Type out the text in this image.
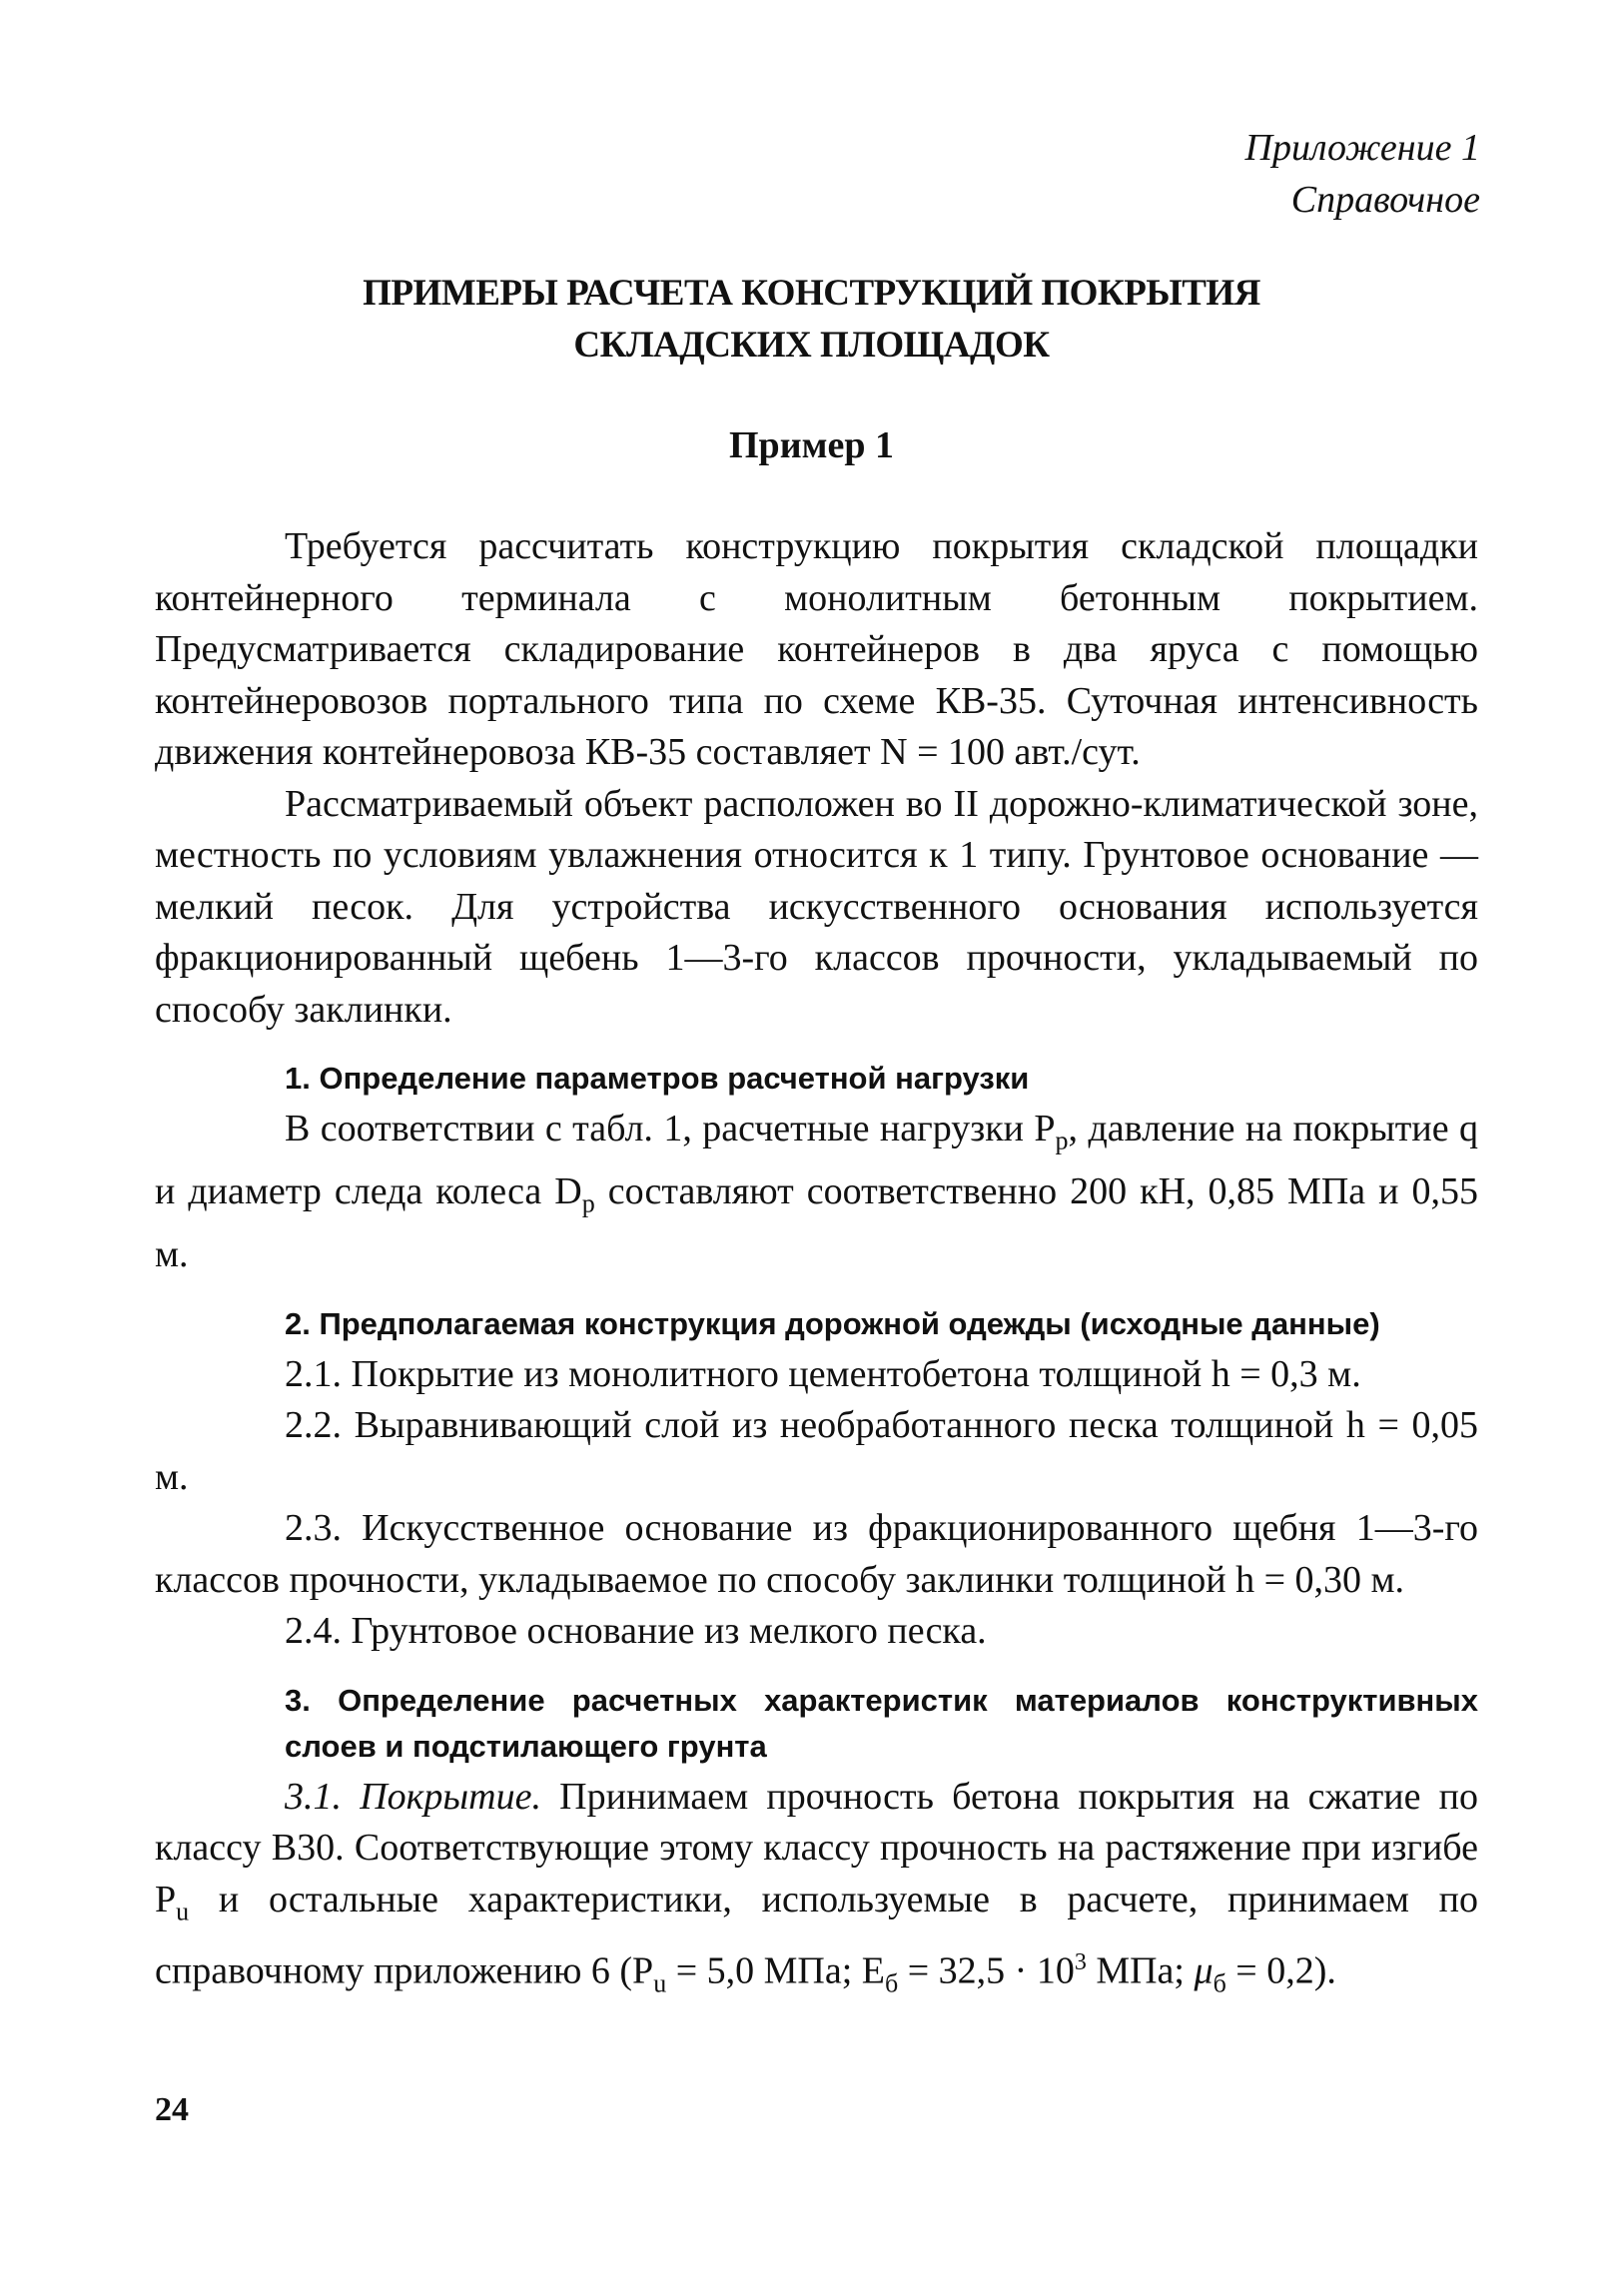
Приложение 1
Справочное
ПРИМЕРЫ РАСЧЕТА КОНСТРУКЦИЙ ПОКРЫТИЯ
СКЛАДСКИХ ПЛОЩАДОК
Пример 1

Требуется рассчитать конструкцию покрытия складской площадки контейнерного терминала с монолитным бетонным покрытием. Предусматривается складирование контейнеров в два яруса с помощью контейнеровозов портального типа по схеме КВ-35. Суточная интенсивность движения контейнеровоза КВ-35 составляет N = 100 авт./сут.

Рассматриваемый объект расположен во II дорожно-климатической зоне, местность по условиям увлажнения относится к 1 типу. Грунтовое основание — мелкий песок. Для устройства искусственного основания используется фракционированный щебень 1—3-го классов прочности, укладываемый по способу заклинки.

1. Определение параметров расчетной нагрузки

В соответствии с табл. 1, расчетные нагрузки $P_p$, давление на покрытие q и диаметр следа колеса $D_p$ составляют соответственно 200 кН, 0,85 МПа и 0,55 м.

2. Предполагаемая конструкция дорожной одежды (исходные данные)

2.1. Покрытие из монолитного цементобетона толщиной h = 0,3 м.

2.2. Выравнивающий слой из необработанного песка толщиной h = 0,05 м.

2.3. Искусственное основание из фракционированного щебня 1—3-го классов прочности, укладываемое по способу заклинки толщиной h = 0,30 м.

2.4. Грунтовое основание из мелкого песка.

3. Определение расчетных характеристик материалов конструктивных слоев и подстилающего грунта

3.1. Покрытие. Принимаем прочность бетона покрытия на сжатие по классу В30. Соответствующие этому классу прочность на растяжение при изгибе $P_u$ и остальные характеристики, используемые в расчете, принимаем по справочному приложению 6 ($P_u = 5,0$ МПа; $E_б = 32,5 \cdot 10^3$ МПа; $\mu_б = 0,2$).

24
